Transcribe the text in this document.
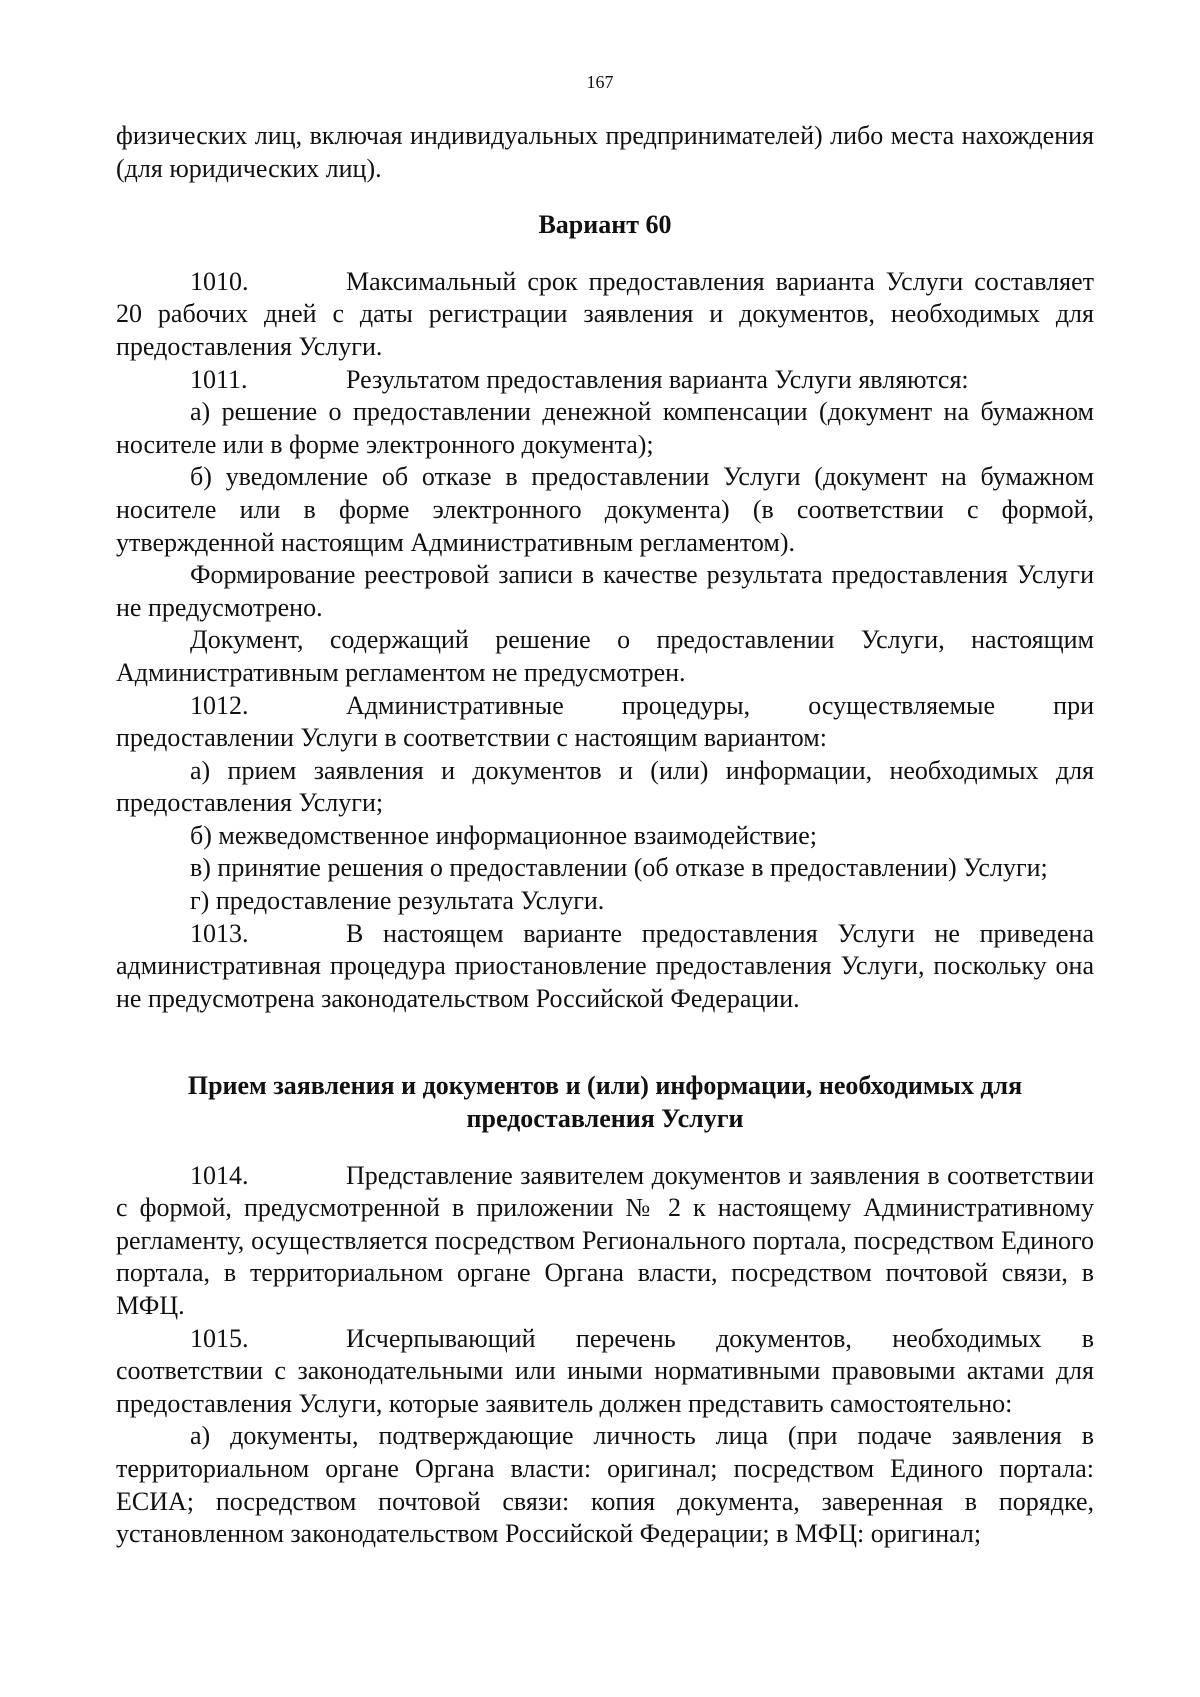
167

физических лиц, включая индивидуальных предпринимателей) либо места нахождения (для юридических лиц).

Вариант 60

1010.	Максимальный срок предоставления варианта Услуги составляет 20 рабочих дней с даты регистрации заявления и документов, необходимых для предоставления Услуги.

1011.	Результатом предоставления варианта Услуги являются:

а) решение о предоставлении денежной компенсации (документ на бумажном носителе или в форме электронного документа);

б) уведомление об отказе в предоставлении Услуги (документ на бумажном носителе или в форме электронного документа) (в соответствии с формой, утвержденной настоящим Административным регламентом).

Формирование реестровой записи в качестве результата предоставления Услуги не предусмотрено.

Документ, содержащий решение о предоставлении Услуги, настоящим Административным регламентом не предусмотрен.

1012.	Административные процедуры, осуществляемые при

предоставлении Услуги в соответствии с настоящим вариантом:

а) прием заявления и документов и (или) информации, необходимых для предоставления Услуги;

б) межведомственное информационное взаимодействие;

в) принятие решения о предоставлении (об отказе в предоставлении) Услуги;

г) предоставление результата Услуги.

1013.	В настоящем варианте предоставления Услуги не приведена административная процедура приостановление предоставления Услуги, поскольку она не предусмотрена законодательством Российской Федерации.

Прием заявления и документов и (или) информации, необходимых для
предоставления Услуги

1014.	Представление заявителем документов и заявления в соответствии с формой, предусмотренной в приложении № 2 к настоящему Административному регламенту, осуществляется посредством Регионального портала, посредством Единого портала, в территориальном органе Органа власти, посредством почтовой связи, в МФЦ.

1015.	Исчерпывающий перечень документов, необходимых в

соответствии с законодательными или иными нормативными правовыми актами для предоставления Услуги, которые заявитель должен представить самостоятельно:

а) документы, подтверждающие личность лица (при подаче заявления в территориальном органе Органа власти: оригинал; посредством Единого портала: ЕСИА; посредством почтовой связи: копия документа, заверенная в порядке, установленном законодательством Российской Федерации; в МФЦ: оригинал;
